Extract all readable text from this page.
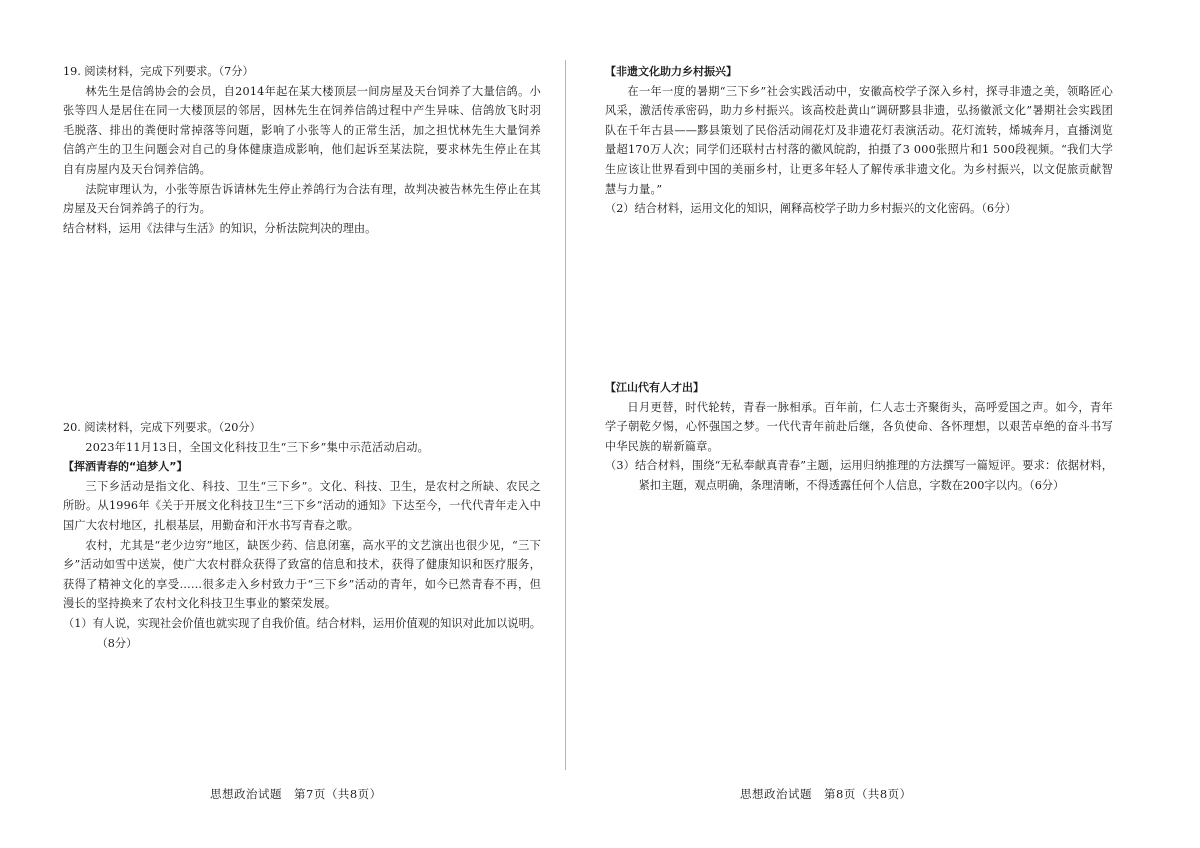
19. 阅读材料，完成下列要求。（7分）

林先生是信鸽协会的会员，自2014年起在某大楼顶层一间房屋及天台饲养了大量信鸽。小张等四人是居住在同一大楼顶层的邻居，因林先生在饲养信鸽过程中产生异味、信鸽放飞时羽毛脱落、排出的粪便时常掉落等问题，影响了小张等人的正常生活，加之担忧林先生大量饲养信鸽产生的卫生问题会对自己的身体健康造成影响，他们起诉至某法院，要求林先生停止在其自有房屋内及天台饲养信鸽。

法院审理认为，小张等原告诉请林先生停止养鸽行为合法有理，故判决被告林先生停止在其房屋及天台饲养鸽子的行为。

结合材料，运用《法律与生活》的知识，分析法院判决的理由。

20. 阅读材料，完成下列要求。（20分）

2023年11月13日，全国文化科技卫生“三下乡”集中示范活动启动。

【挥洒青春的“追梦人”】

三下乡活动是指文化、科技、卫生“三下乡”。文化、科技、卫生，是农村之所缺、农民之所盼。从1996年《关于开展文化科技卫生“三下乡”活动的通知》下达至今，一代代青年走入中国广大农村地区，扎根基层，用勤奋和汗水书写青春之歌。

农村，尤其是“老少边穷”地区，缺医少药、信息闭塞，高水平的文艺演出也很少见，“三下乡”活动如雪中送炭，使广大农村群众获得了致富的信息和技术，获得了健康知识和医疗服务，获得了精神文化的享受……很多走入乡村致力于“三下乡”活动的青年，如今已然青春不再，但漫长的坚持换来了农村文化科技卫生事业的繁荣发展。

（1）有人说，实现社会价值也就实现了自我价值。结合材料，运用价值观的知识对此加以说明。（8分）

思想政治试题　第7页（共8页）

【非遗文化助力乡村振兴】

在一年一度的暑期“三下乡”社会实践活动中，安徽高校学子深入乡村，探寻非遗之美，领略匠心风采，激活传承密码，助力乡村振兴。该高校赴黄山“调研黟县非遗，弘扬徽派文化”暑期社会实践团队在千年古县——黟县策划了民俗活动闹花灯及非遗花灯表演活动。花灯流转，烯城奔月，直播浏览量超170万人次；同学们还联村古村落的徽风皖韵，拍摄了3 000张照片和1 500段视频。“我们大学生应该让世界看到中国的美丽乡村，让更多年轻人了解传承非遗文化。为乡村振兴，以文促旅贡献智慧与力量。”

（2）结合材料，运用文化的知识，阐释高校学子助力乡村振兴的文化密码。（6分）

【江山代有人才出】

日月更替，时代轮转，青春一脉相承。百年前，仁人志士齐聚街头，高呼爱国之声。如今，青年学子朝乾夕惕，心怀强国之梦。一代代青年前赴后继，各负使命、各怀理想，以艰苦卓绝的奋斗书写中华民族的崭新篇章。

（3）结合材料，围绕“无私奉献真青春”主题，运用归纳推理的方法撰写一篇短评。要求：依据材料，紧扣主题，观点明确，条理清晰，不得透露任何个人信息，字数在200字以内。（6分）

思想政治试题　第8页（共8页）
